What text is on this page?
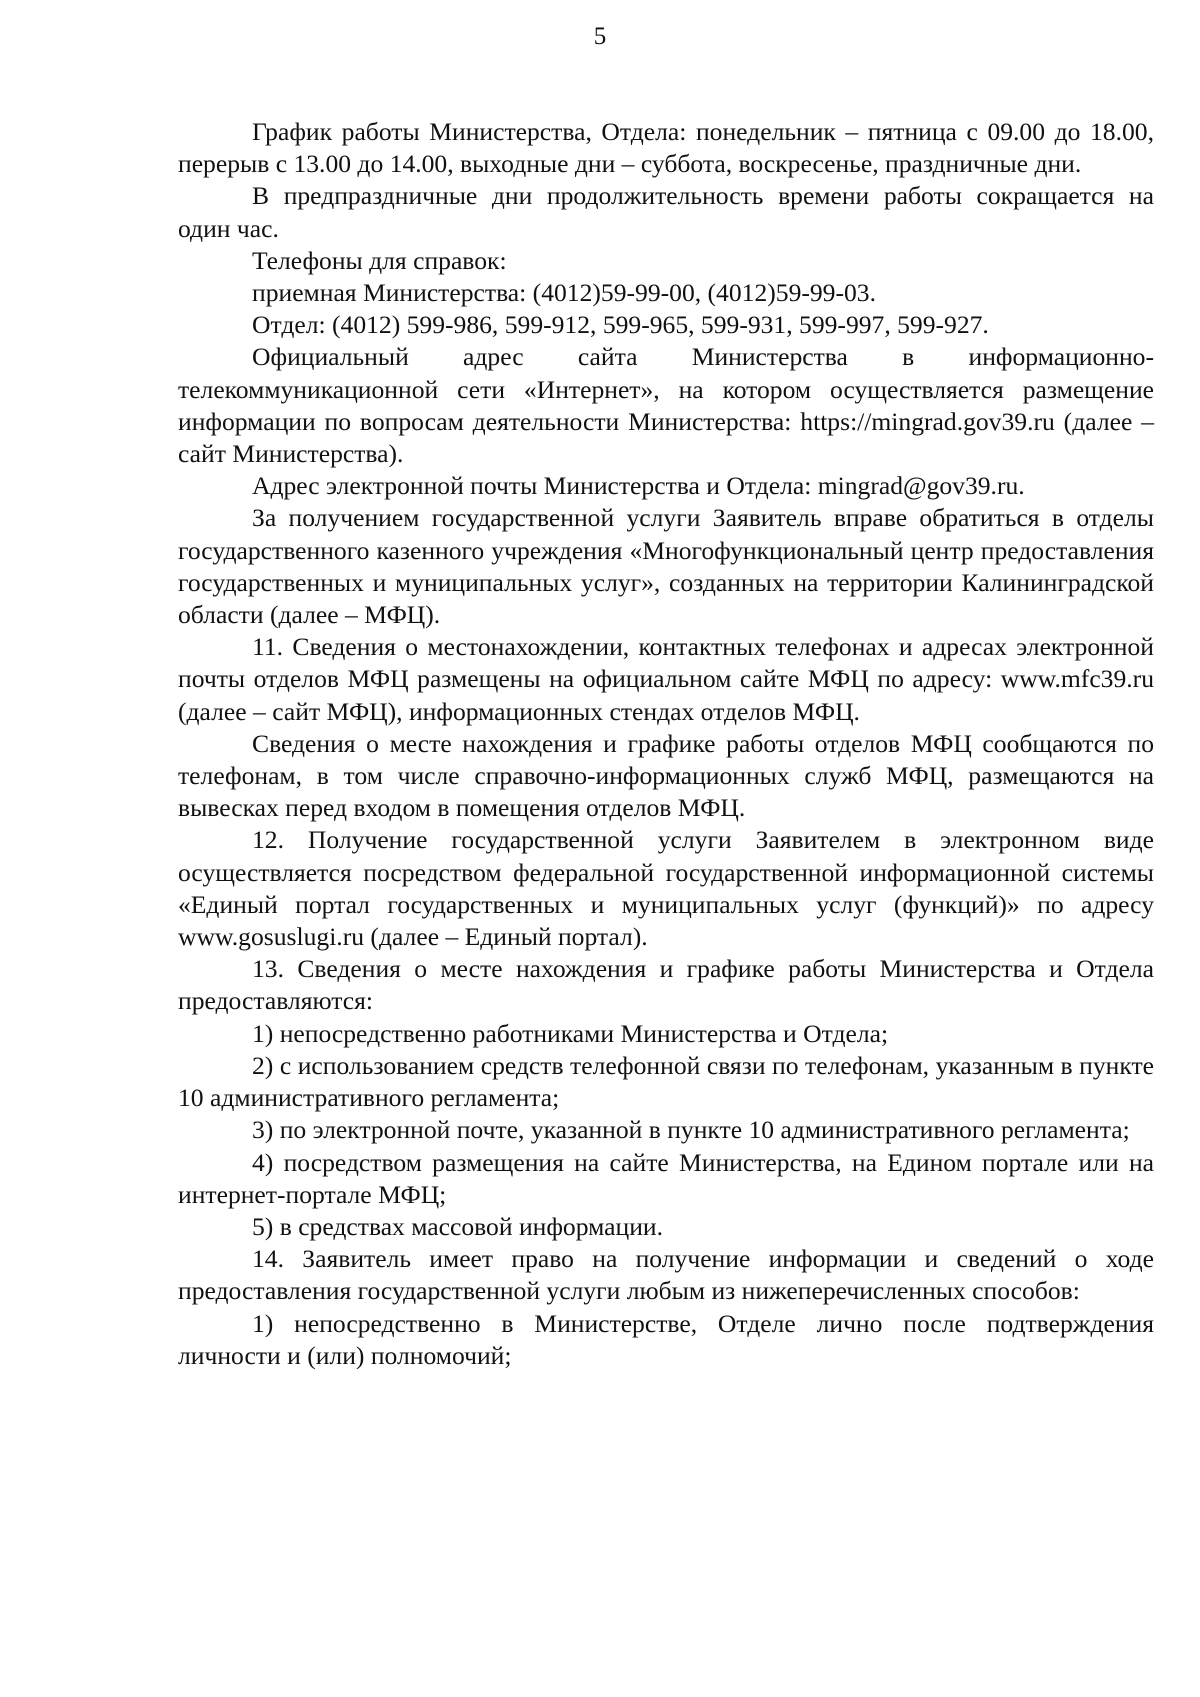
5

График работы Министерства, Отдела: понедельник – пятница с 09.00 до 18.00, перерыв с 13.00 до 14.00, выходные дни – суббота, воскресенье, праздничные дни.

В предпраздничные дни продолжительность времени работы сокращается на один час.

Телефоны для справок:

приемная Министерства: (4012)59-99-00, (4012)59-99-03.

Отдел: (4012) 599-986, 599-912, 599-965, 599-931, 599-997, 599-927.

Официальный адрес сайта Министерства в информационно-телекоммуникационной сети «Интернет», на котором осуществляется размещение информации по вопросам деятельности Министерства: https://mingrad.gov39.ru (далее – сайт Министерства).

Адрес электронной почты Министерства и Отдела: mingrad@gov39.ru.

За получением государственной услуги Заявитель вправе обратиться в отделы государственного казенного учреждения «Многофункциональный центр предоставления государственных и муниципальных услуг», созданных на территории Калининградской области (далее – МФЦ).

11. Сведения о местонахождении, контактных телефонах и адресах электронной почты отделов МФЦ размещены на официальном сайте МФЦ по адресу: www.mfc39.ru (далее – сайт МФЦ), информационных стендах отделов МФЦ.

Сведения о месте нахождения и графике работы отделов МФЦ сообщаются по телефонам, в том числе справочно-информационных служб МФЦ, размещаются на вывесках перед входом в помещения отделов МФЦ.

12. Получение государственной услуги Заявителем в электронном виде осуществляется посредством федеральной государственной информационной системы «Единый портал государственных и муниципальных услуг (функций)» по адресу www.gosuslugi.ru (далее – Единый портал).

13. Сведения о месте нахождения и графике работы Министерства и Отдела предоставляются:

1) непосредственно работниками Министерства и Отдела;

2) с использованием средств телефонной связи по телефонам, указанным в пункте 10 административного регламента;

3) по электронной почте, указанной в пункте 10 административного регламента;

4) посредством размещения на сайте Министерства, на Едином портале или на интернет-портале МФЦ;

5) в средствах массовой информации.

14. Заявитель имеет право на получение информации и сведений о ходе предоставления государственной услуги любым из нижеперечисленных способов:

1) непосредственно в Министерстве, Отделе лично после подтверждения личности и (или) полномочий;
